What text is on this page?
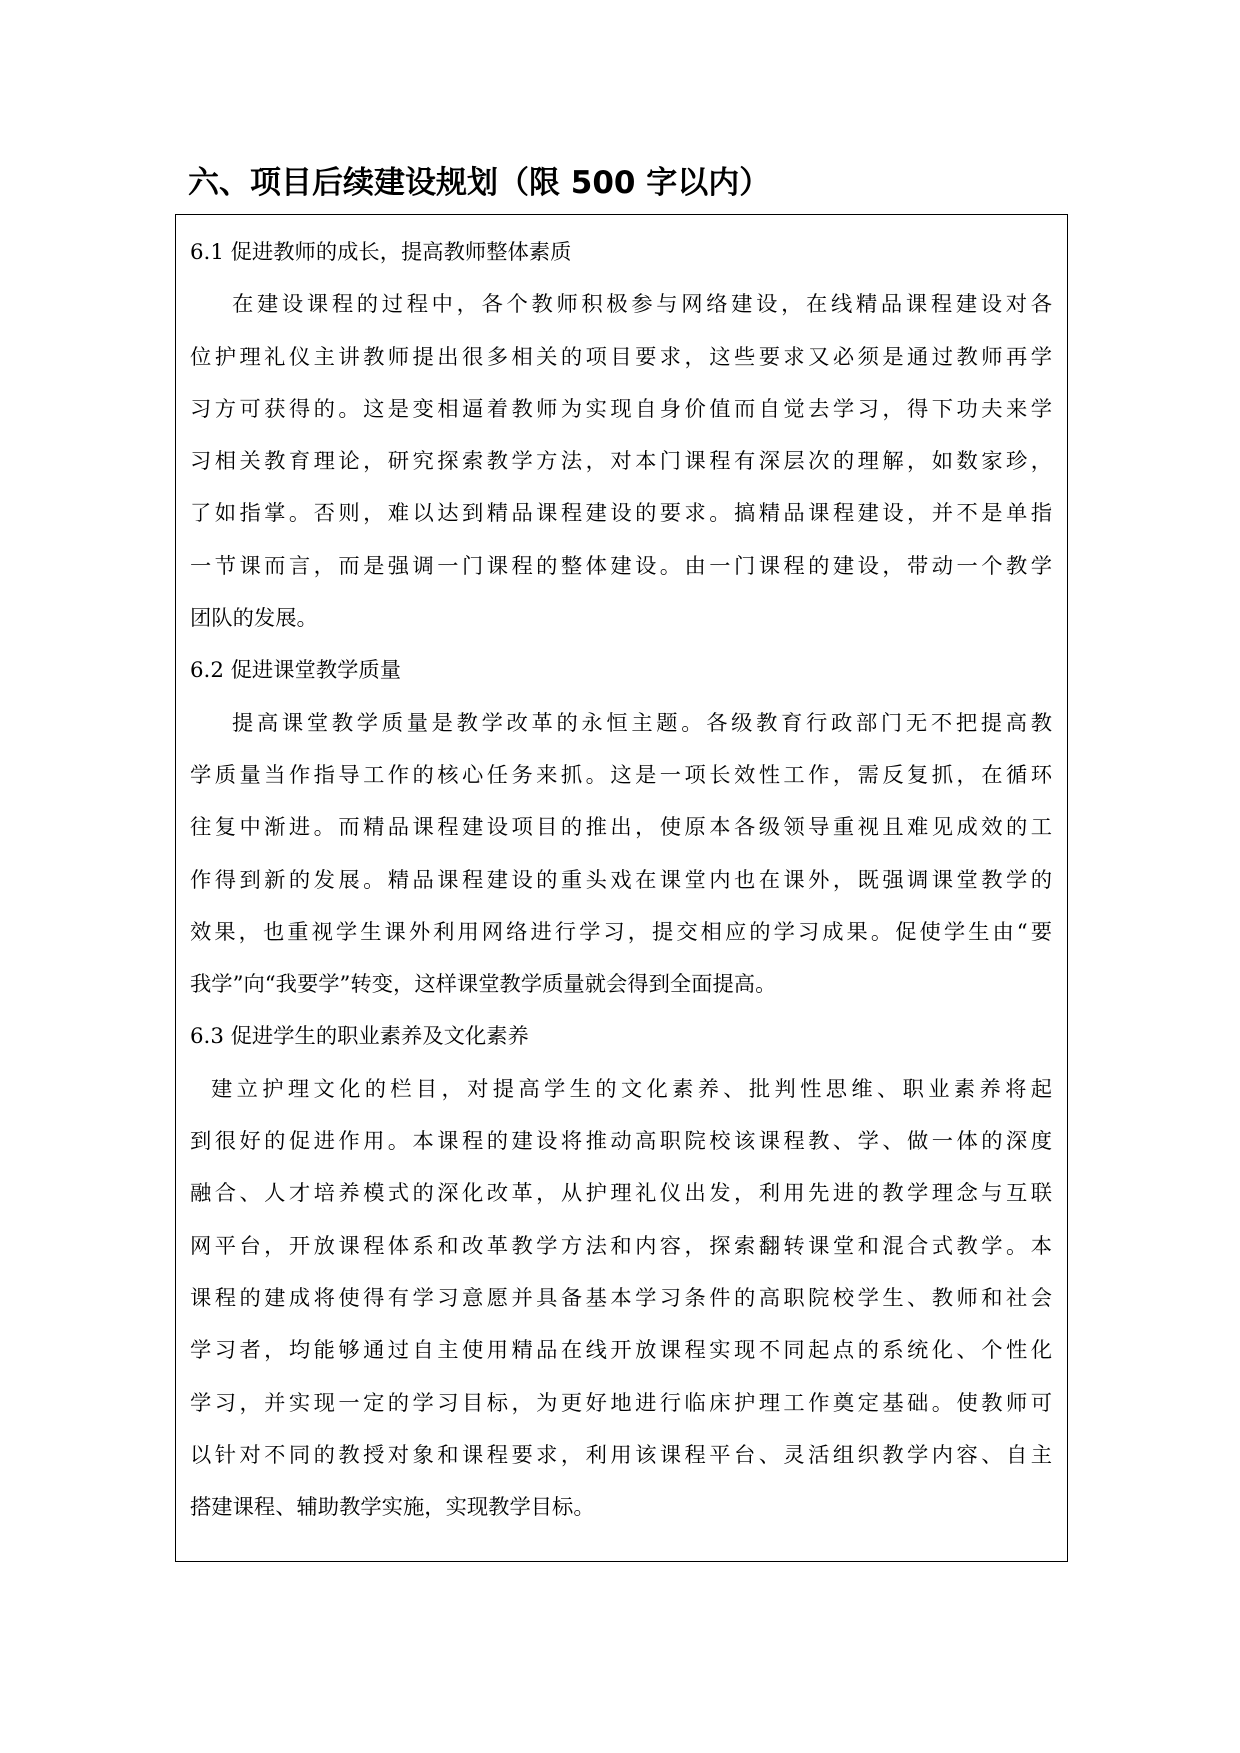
六、项目后续建设规划（限 500 字以内）
6.1 促进教师的成长，提高教师整体素质
在建设课程的过程中，各个教师积极参与网络建设，在线精品课程建设对各
位护理礼仪主讲教师提出很多相关的项目要求，这些要求又必须是通过教师再学
习方可获得的。这是变相逼着教师为实现自身价值而自觉去学习，得下功夫来学
习相关教育理论，研究探索教学方法，对本门课程有深层次的理解，如数家珍，
了如指掌。否则，难以达到精品课程建设的要求。搞精品课程建设，并不是单指
一节课而言，而是强调一门课程的整体建设。由一门课程的建设，带动一个教学
团队的发展。
6.2 促进课堂教学质量
提高课堂教学质量是教学改革的永恒主题。各级教育行政部门无不把提高教
学质量当作指导工作的核心任务来抓。这是一项长效性工作，需反复抓，在循环
往复中渐进。而精品课程建设项目的推出，使原本各级领导重视且难见成效的工
作得到新的发展。精品课程建设的重头戏在课堂内也在课外，既强调课堂教学的
效果，也重视学生课外利用网络进行学习，提交相应的学习成果。促使学生由“要
我学”向“我要学”转变，这样课堂教学质量就会得到全面提高。
6.3 促进学生的职业素养及文化素养
建立护理文化的栏目，对提高学生的文化素养、批判性思维、职业素养将起
到很好的促进作用。本课程的建设将推动高职院校该课程教、学、做一体的深度
融合、人才培养模式的深化改革，从护理礼仪出发，利用先进的教学理念与互联
网平台，开放课程体系和改革教学方法和内容，探索翻转课堂和混合式教学。本
课程的建成将使得有学习意愿并具备基本学习条件的高职院校学生、教师和社会
学习者，均能够通过自主使用精品在线开放课程实现不同起点的系统化、个性化
学习，并实现一定的学习目标，为更好地进行临床护理工作奠定基础。使教师可
以针对不同的教授对象和课程要求，利用该课程平台、灵活组织教学内容、自主
搭建课程、辅助教学实施，实现教学目标。
